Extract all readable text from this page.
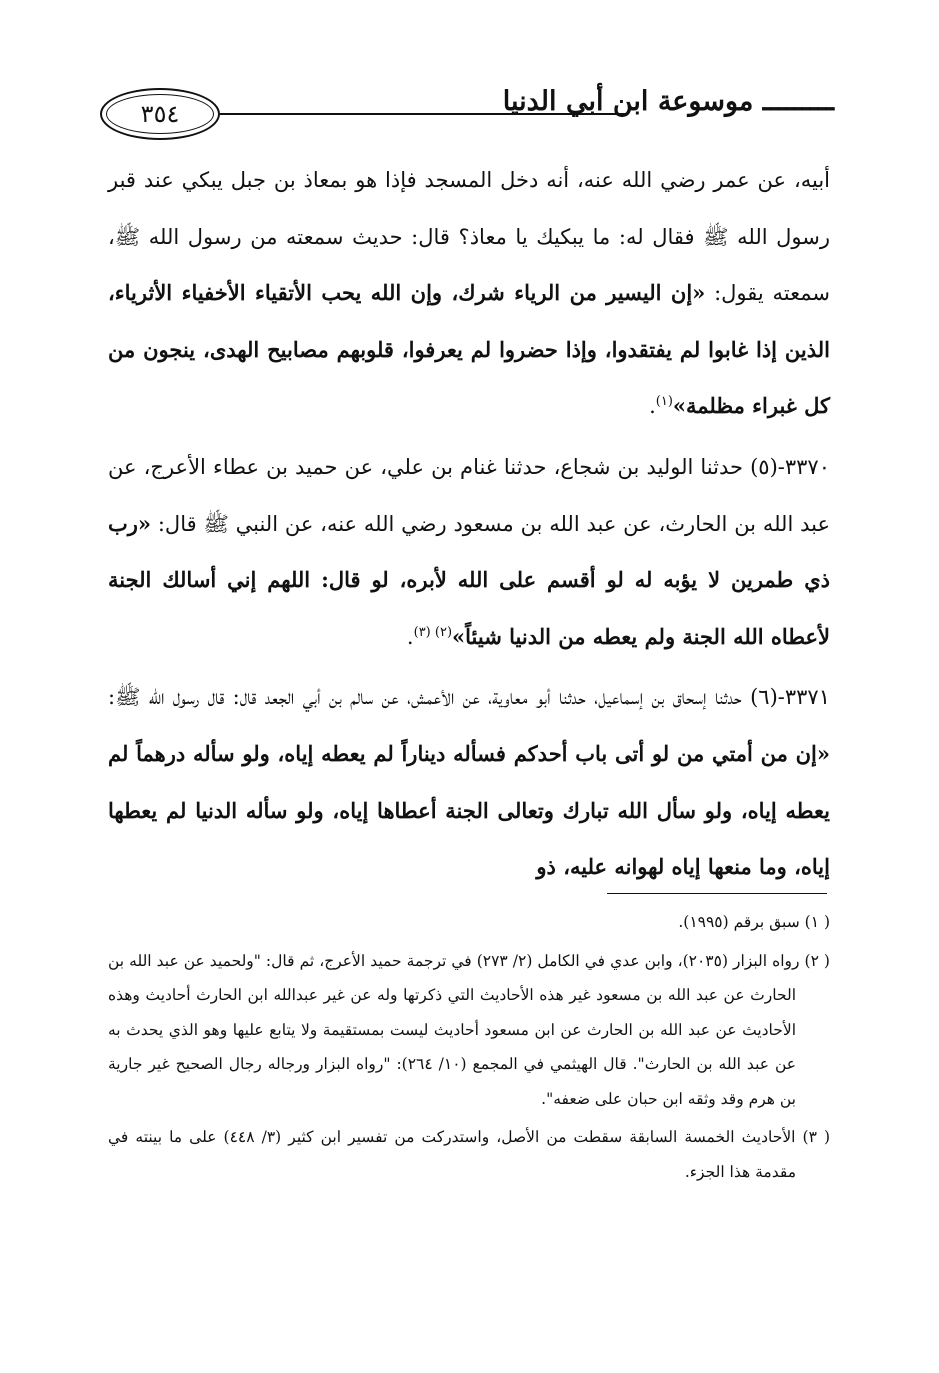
ـــــــــ موسوعة ابن أبي الدنيا
٣٥٤

أبيه، عن عمر رضي الله عنه، أنه دخل المسجد فإذا هو بمعاذ بن جبل يبكي عند قبر رسول الله ﷺ فقال له: ما يبكيك يا معاذ؟ قال: حديث سمعته من رسول الله ﷺ، سمعته يقول: «إن اليسير من الرياء شرك، وإن الله يحب الأتقياء الأخفياء الأثرياء، الذين إذا غابوا لم يفتقدوا، وإذا حضروا لم يعرفوا، قلوبهم مصابيح الهدى، ينجون من كل غبراء مظلمة»$^{(١)}$.

٣٣٧٠-(٥) حدثنا الوليد بن شجاع، حدثنا غنام بن علي، عن حميد بن عطاء الأعرج، عن عبد الله بن الحارث، عن عبد الله بن مسعود رضي الله عنه، عن النبي ﷺ قال: «رب ذي طمرين لا يؤبه له لو أقسم على الله لأبره، لو قال: اللهم إني أسالك الجنة لأعطاه الله الجنة ولم يعطه من الدنيا شيئاً»$^{(٢) (٣)}$.

٣٣٧١-(٦) حدثنا إسحاق بن إسماعيل، حدثنا أبو معاوية، عن الأعمش، عن سالم بن أبي الجعد قال: قال رسول الله ﷺ: «إن من أمتي من لو أتى باب أحدكم فسأله ديناراً لم يعطه إياه، ولو سأله درهماً لم يعطه إياه، ولو سأل الله تبارك وتعالى الجنة أعطاها إياه، ولو سأله الدنيا لم يعطها إياه، وما منعها إياه لهوانه عليه، ذو

( ١) سبق برقم (١٩٩٥).

( ٢) رواه البزار (٢٠٣٥)، وابن عدي في الكامل (٢/ ٢٧٣) في ترجمة حميد الأعرج، ثم قال: "ولحميد عن عبد الله بن الحارث عن عبد الله بن مسعود غير هذه الأحاديث التي ذكرتها وله عن غير عبدالله ابن الحارث أحاديث وهذه الأحاديث عن عبد الله بن الحارث عن ابن مسعود أحاديث ليست بمستقيمة ولا يتابع عليها وهو الذي يحدث به عن عبد الله بن الحارث". قال الهيثمي في المجمع (١٠/ ٢٦٤): "رواه البزار ورجاله رجال الصحيح غير جارية بن هرم وقد وثقه ابن حبان على ضعفه".

( ٣) الأحاديث الخمسة السابقة سقطت من الأصل، واستدركت من تفسير ابن كثير (٣/ ٤٤٨) على ما بينته في مقدمة هذا الجزء.
